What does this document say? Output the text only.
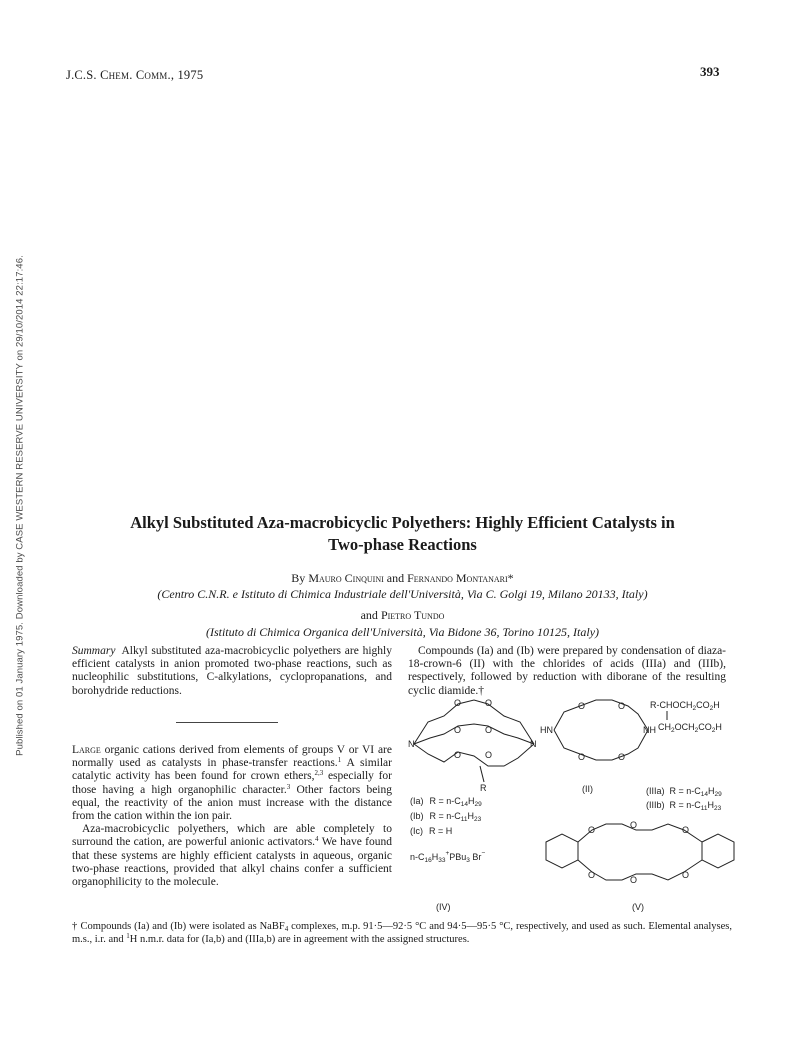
Published on 01 January 1975. Downloaded by CASE WESTERN RESERVE UNIVERSITY on 29/10/2014 22:17:46.
J.C.S. Chem. Comm., 1975	393
Alkyl Substituted Aza-macrobicyclic Polyethers: Highly Efficient Catalysts in
Two-phase Reactions
By Mauro Cinquini and Fernando Montanari*
(Centro C.N.R. e Istituto di Chimica Industriale dell'Università, Via C. Golgi 19, Milano 20133, Italy)
and Pietro Tundo
(Istituto di Chimica Organica dell'Università, Via Bidone 36, Torino 10125, Italy)
Summary Alkyl substituted aza-macrobicyclic polyethers are highly efficient catalysts in anion promoted two-phase reactions, such as nucleophilic substitutions, C-alkylations, cyclopropanations, and borohydride reductions.

Large organic cations derived from elements of groups V or VI are normally used as catalysts in phase-transfer reactions.$^1$ A similar catalytic activity has been found for crown ethers,$^{2,3}$ especially for those having a high organophilic character.$^3$ Other factors being equal, the reactivity of the anion must increase with the distance from the cation within the ion pair.

Aza-macrobicyclic polyethers, which are able completely to surround the cation, are powerful anionic activators.$^4$ We have found that these systems are highly efficient catalysts in aqueous, organic two-phase reactions, provided that alkyl chains confer a sufficient organophilicity to the molecule.

Compounds (Ia) and (Ib) were prepared by condensation of diaza-18-crown-6 (II) with the chlorides of acids (IIIa) and (IIIb), respectively, followed by reduction with diborane of the resulting cyclic diamide.†

N	N
O	O
O	O
O	O
R
HN	NH
O	O
O	O
O	O	O
O	O	O
(Ia) $R = n-C_{14}H_{29}$
(Ib) $R = n-C_{11}H_{23}$
(Ic) R = H
(II)
$R-CHOCH_2CO_2H$
$CH_2OCH_2CO_2H$
(IIIa) $R = n-C_{14}H_{29}$
(IIIb) $R = n-C_{11}H_{23}$
$n-C_{16}H_{33}^+PBu_3$ Br−
(IV)	(V)
† Compounds (Ia) and (Ib) were isolated as NaBF$_4$ complexes, m.p. 91·5—92·5 °C and 94·5—95·5 °C, respectively, and used as such. Elemental analyses, m.s., i.r. and $^1$H n.m.r. data for (Ia,b) and (IIIa,b) are in agreement with the assigned structures.
